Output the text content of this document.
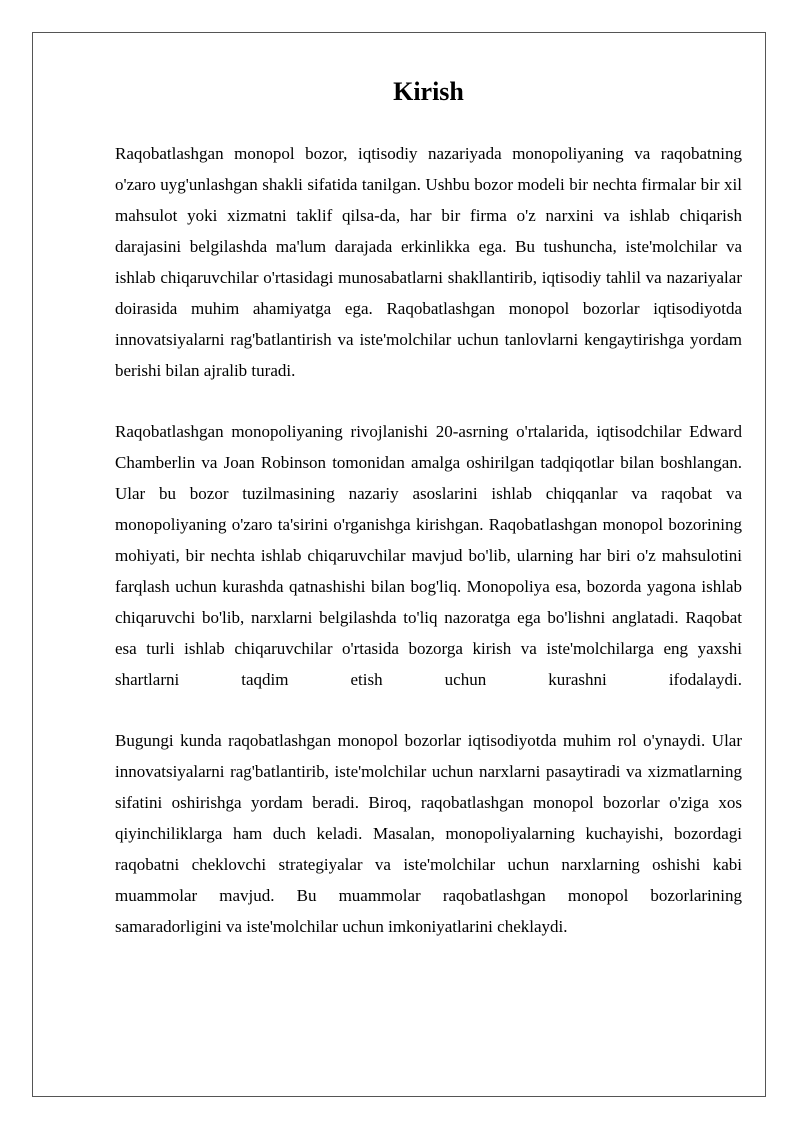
Kirish

Raqobatlashgan monopol bozor, iqtisodiy nazariyada monopoliyaning va raqobatning o'zaro uyg'unlashgan shakli sifatida tanilgan. Ushbu bozor modeli bir nechta firmalar bir xil mahsulot yoki xizmatni taklif qilsa-da, har bir firma o'z narxini va ishlab chiqarish darajasini belgilashda ma'lum darajada erkinlikka ega. Bu tushuncha, iste'molchilar va ishlab chiqaruvchilar o'rtasidagi munosabatlarni shakllantirib, iqtisodiy tahlil va nazariyalar doirasida muhim ahamiyatga ega. Raqobatlashgan monopol bozorlar iqtisodiyotda innovatsiyalarni rag'batlantirish va iste'molchilar uchun tanlovlarni kengaytirishga yordam berishi bilan ajralib turadi.

Raqobatlashgan monopoliyaning rivojlanishi 20-asrning o'rtalarida, iqtisodchilar Edward Chamberlin va Joan Robinson tomonidan amalga oshirilgan tadqiqotlar bilan boshlangan. Ular bu bozor tuzilmasining nazariy asoslarini ishlab chiqqanlar va raqobat va monopoliyaning o'zaro ta'sirini o'rganishga kirishgan. Raqobatlashgan monopol bozorining mohiyati, bir nechta ishlab chiqaruvchilar mavjud bo'lib, ularning har biri o'z mahsulotini farqlash uchun kurashda qatnashishi bilan bog'liq. Monopoliya esa, bozorda yagona ishlab chiqaruvchi bo'lib, narxlarni belgilashda to'liq nazoratga ega bo'lishni anglatadi. Raqobat esa turli ishlab chiqaruvchilar o'rtasida bozorga kirish va iste'molchilarga eng yaxshi shartlarni taqdim etish uchun kurashni ifodalaydi.

Bugungi kunda raqobatlashgan monopol bozorlar iqtisodiyotda muhim rol o'ynaydi. Ular innovatsiyalarni rag'batlantirib, iste'molchilar uchun narxlarni pasaytiradi va xizmatlarning sifatini oshirishga yordam beradi. Biroq, raqobatlashgan monopol bozorlar o'ziga xos qiyinchiliklarga ham duch keladi. Masalan, monopoliyalarning kuchayishi, bozordagi raqobatni cheklovchi strategiyalar va iste'molchilar uchun narxlarning oshishi kabi muammolar mavjud. Bu muammolar raqobatlashgan monopol bozorlarining samaradorligini va iste'molchilar uchun imkoniyatlarini cheklaydi.
